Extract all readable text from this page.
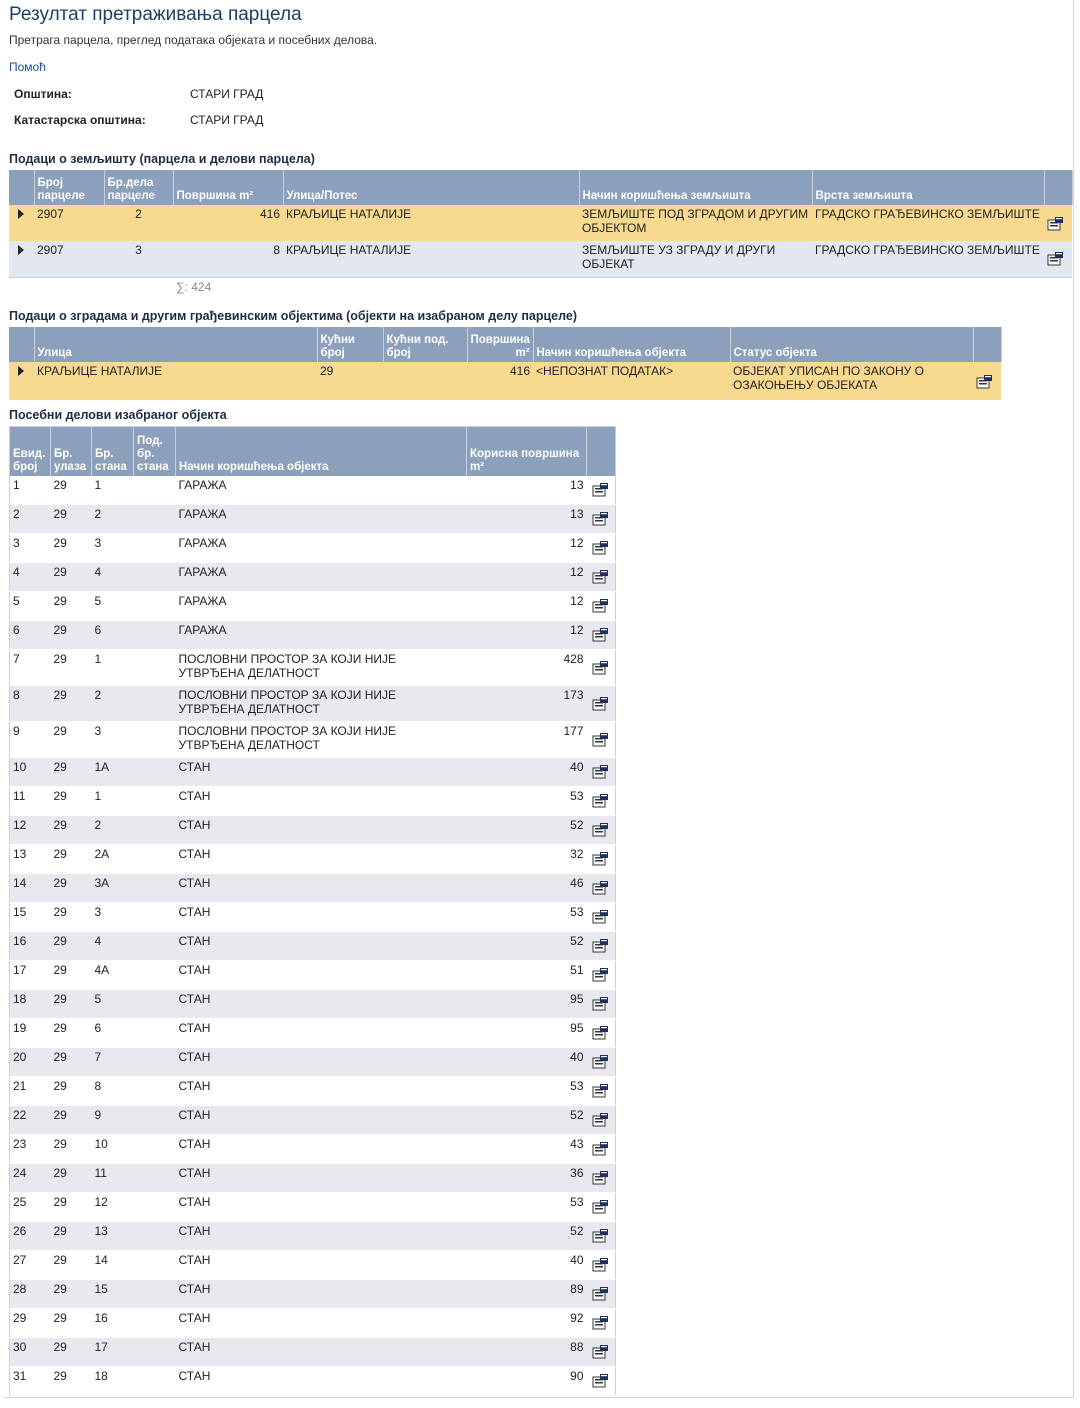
Резултат претраживања парцела
Претрага парцела, преглед података објеката и посебних делова.
Помоћ
Општина:	СТАРИ ГРАД
Катастарска општина:	СТАРИ ГРАД
Подаци о земљишту (парцела и делови парцела)
	Број парцеле	Бр.дела парцеле	Површина m²	Улица/Потес	Начин коришћења земљишта	Врста земљишта	
	2907	2	416	КРАЉИЦЕ НАТАЛИЈЕ	ЗЕМЉИШТЕ ПОД ЗГРАДОМ И ДРУГИМ ОБЈЕКТОМ	ГРАДСКО ГРАЂЕВИНСКО ЗЕМЉИШТЕ	
	2907	3	8	КРАЉИЦЕ НАТАЛИЈЕ	ЗЕМЉИШТЕ УЗ ЗГРАДУ И ДРУГИ ОБЈЕКАТ	ГРАДСКО ГРАЂЕВИНСКО ЗЕМЉИШТЕ	
			∑: 424				
Подаци о зградама и другим грађевинским објектима (објекти на изабраном делу парцеле)
	Улица	Кућни број	Кућни под. број	Површина m²	Начин коришћења објекта	Статус објекта	
	КРАЉИЦЕ НАТАЛИЈЕ	29		416	<НЕПОЗНАТ ПОДАТАК>	ОБЈЕКАТ УПИСАН ПО ЗАКОНУ О ОЗАКОЊЕЊУ ОБЈЕКАТА	
Посебни делови изабраног објекта
Евид. број	Бр. улаза	Бр. стана	Под. бр. стана	Начин коришћења објекта	Корисна површина m²	
1	29	1		ГАРАЖА	13	
2	29	2		ГАРАЖА	13	
3	29	3		ГАРАЖА	12	
4	29	4		ГАРАЖА	12	
5	29	5		ГАРАЖА	12	
6	29	6		ГАРАЖА	12	
7	29	1		ПОСЛОВНИ ПРОСТОР ЗА КОЈИ НИЈЕ УТВРЂЕНА ДЕЛАТНОСТ	428	
8	29	2		ПОСЛОВНИ ПРОСТОР ЗА КОЈИ НИЈЕ УТВРЂЕНА ДЕЛАТНОСТ	173	
9	29	3		ПОСЛОВНИ ПРОСТОР ЗА КОЈИ НИЈЕ УТВРЂЕНА ДЕЛАТНОСТ	177	
10	29	1А		СТАН	40	
11	29	1		СТАН	53	
12	29	2		СТАН	52	
13	29	2А		СТАН	32	
14	29	3А		СТАН	46	
15	29	3		СТАН	53	
16	29	4		СТАН	52	
17	29	4А		СТАН	51	
18	29	5		СТАН	95	
19	29	6		СТАН	95	
20	29	7		СТАН	40	
21	29	8		СТАН	53	
22	29	9		СТАН	52	
23	29	10		СТАН	43	
24	29	11		СТАН	36	
25	29	12		СТАН	53	
26	29	13		СТАН	52	
27	29	14		СТАН	40	
28	29	15		СТАН	89	
29	29	16		СТАН	92	
30	29	17		СТАН	88	
31	29	18		СТАН	90	
